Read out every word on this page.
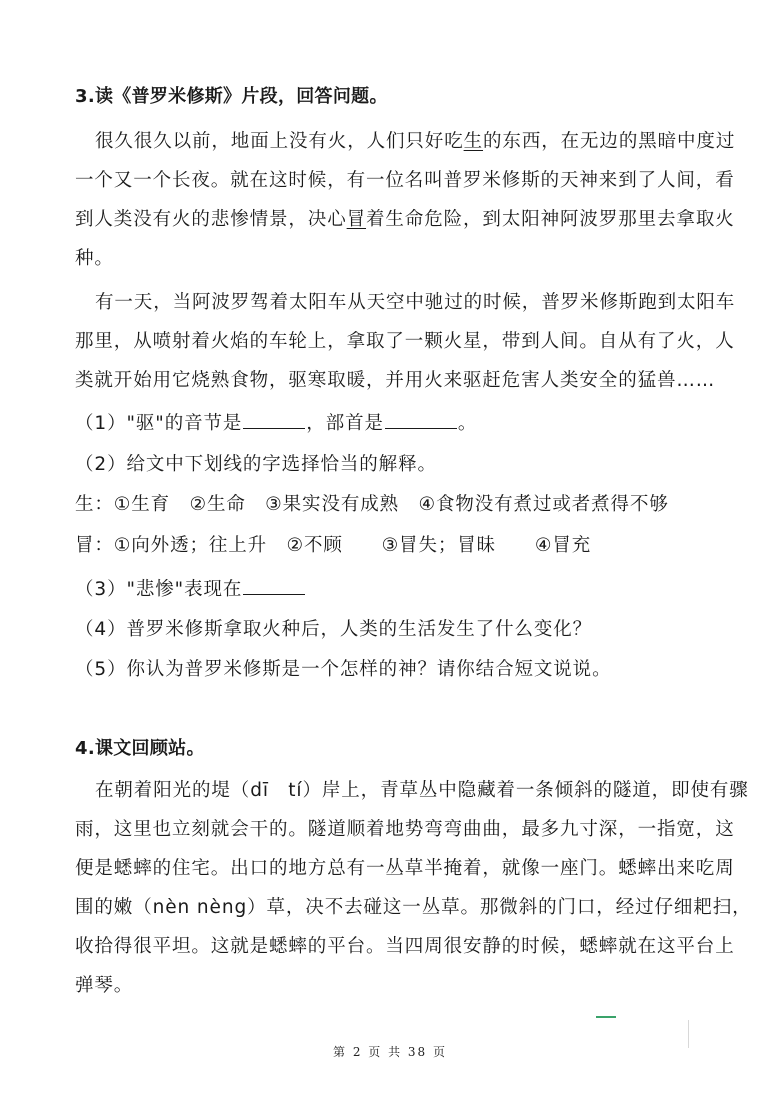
3.读《普罗米修斯》片段，回答问题。
很久很久以前，地面上没有火，人们只好吃生的东西，在无边的黑暗中度过
一个又一个长夜。就在这时候，有一位名叫普罗米修斯的天神来到了人间，看
到人类没有火的悲惨情景，决心冒着生命危险，到太阳神阿波罗那里去拿取火
种。
有一天，当阿波罗驾着太阳车从天空中驰过的时候，普罗米修斯跑到太阳车
那里，从喷射着火焰的车轮上，拿取了一颗火星，带到人间。自从有了火，人
类就开始用它烧熟食物，驱寒取暖，并用火来驱赶危害人类安全的猛兽……
（1）"驱"的音节是	，部首是	。
（2）给文中下划线的字选择恰当的解释。
生：①生育　②生命　③果实没有成熟　④食物没有煮过或者煮得不够
冒：①向外透；往上升　②不顾　　③冒失；冒昧　　④冒充
（3）"悲惨"表现在
（4）普罗米修斯拿取火种后，人类的生活发生了什么变化？
（5）你认为普罗米修斯是一个怎样的神？请你结合短文说说。
4.课文回顾站。
在朝着阳光的堤（dī　tí）岸上，青草丛中隐藏着一条倾斜的隧道，即使有骤
雨，这里也立刻就会干的。隧道顺着地势弯弯曲曲，最多九寸深，一指宽，这
便是蟋蟀的住宅。出口的地方总有一丛草半掩着，就像一座门。蟋蟀出来吃周
围的嫩（nèn nèng）草，决不去碰这一丛草。那微斜的门口，经过仔细耙扫，
收拾得很平坦。这就是蟋蟀的平台。当四周很安静的时候，蟋蟀就在这平台上
弹琴。
第 2 页 共 38 页
